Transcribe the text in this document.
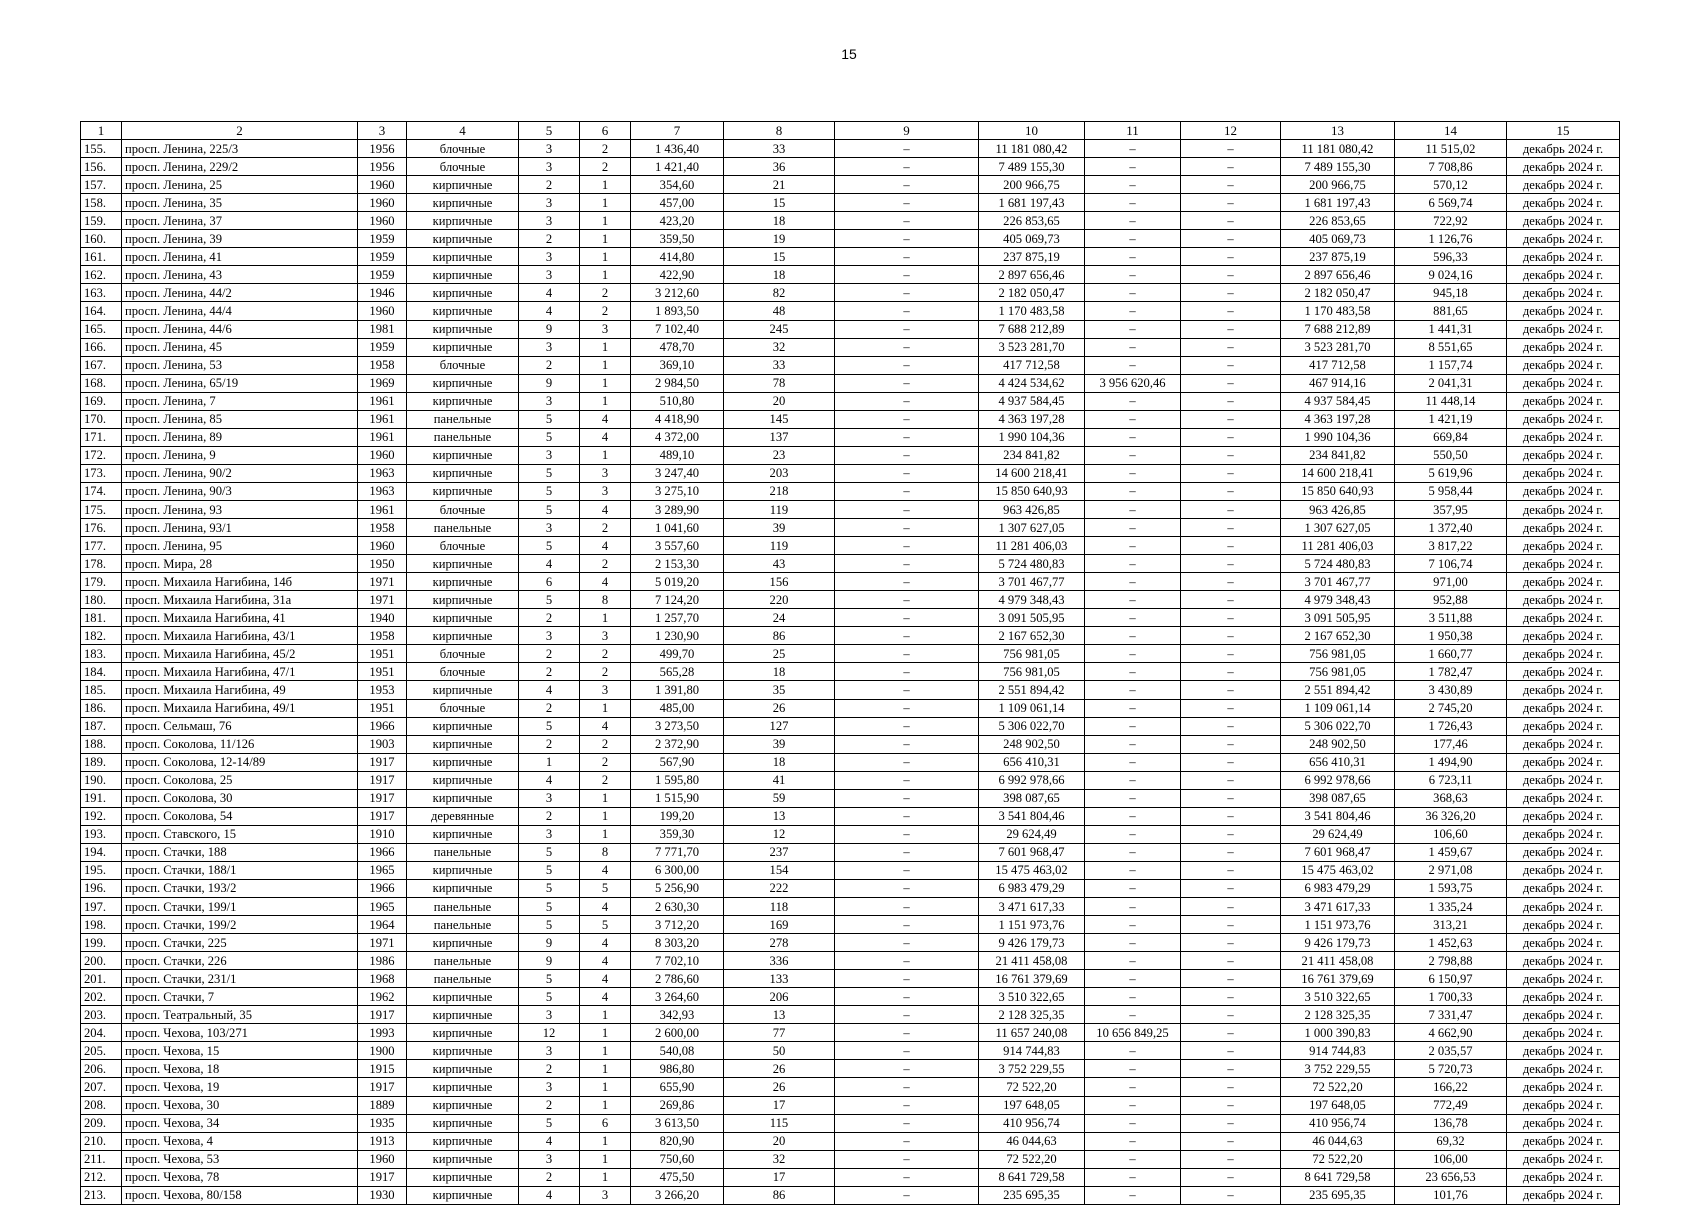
15
1	2	3	4	5	6	7	8	9	10	11	12	13	14	15
155.	просп. Ленина, 225/3	1956	блочные	3	2	1 436,40	33	–	11 181 080,42	–	–	11 181 080,42	11 515,02	декабрь 2024 г.
156.	просп. Ленина, 229/2	1956	блочные	3	2	1 421,40	36	–	7 489 155,30	–	–	7 489 155,30	7 708,86	декабрь 2024 г.
157.	просп. Ленина, 25	1960	кирпичные	2	1	354,60	21	–	200 966,75	–	–	200 966,75	570,12	декабрь 2024 г.
158.	просп. Ленина, 35	1960	кирпичные	3	1	457,00	15	–	1 681 197,43	–	–	1 681 197,43	6 569,74	декабрь 2024 г.
159.	просп. Ленина, 37	1960	кирпичные	3	1	423,20	18	–	226 853,65	–	–	226 853,65	722,92	декабрь 2024 г.
160.	просп. Ленина, 39	1959	кирпичные	2	1	359,50	19	–	405 069,73	–	–	405 069,73	1 126,76	декабрь 2024 г.
161.	просп. Ленина, 41	1959	кирпичные	3	1	414,80	15	–	237 875,19	–	–	237 875,19	596,33	декабрь 2024 г.
162.	просп. Ленина, 43	1959	кирпичные	3	1	422,90	18	–	2 897 656,46	–	–	2 897 656,46	9 024,16	декабрь 2024 г.
163.	просп. Ленина, 44/2	1946	кирпичные	4	2	3 212,60	82	–	2 182 050,47	–	–	2 182 050,47	945,18	декабрь 2024 г.
164.	просп. Ленина, 44/4	1960	кирпичные	4	2	1 893,50	48	–	1 170 483,58	–	–	1 170 483,58	881,65	декабрь 2024 г.
165.	просп. Ленина, 44/6	1981	кирпичные	9	3	7 102,40	245	–	7 688 212,89	–	–	7 688 212,89	1 441,31	декабрь 2024 г.
166.	просп. Ленина, 45	1959	кирпичные	3	1	478,70	32	–	3 523 281,70	–	–	3 523 281,70	8 551,65	декабрь 2024 г.
167.	просп. Ленина, 53	1958	блочные	2	1	369,10	33	–	417 712,58	–	–	417 712,58	1 157,74	декабрь 2024 г.
168.	просп. Ленина, 65/19	1969	кирпичные	9	1	2 984,50	78	–	4 424 534,62	3 956 620,46	–	467 914,16	2 041,31	декабрь 2024 г.
169.	просп. Ленина, 7	1961	кирпичные	3	1	510,80	20	–	4 937 584,45	–	–	4 937 584,45	11 448,14	декабрь 2024 г.
170.	просп. Ленина, 85	1961	панельные	5	4	4 418,90	145	–	4 363 197,28	–	–	4 363 197,28	1 421,19	декабрь 2024 г.
171.	просп. Ленина, 89	1961	панельные	5	4	4 372,00	137	–	1 990 104,36	–	–	1 990 104,36	669,84	декабрь 2024 г.
172.	просп. Ленина, 9	1960	кирпичные	3	1	489,10	23	–	234 841,82	–	–	234 841,82	550,50	декабрь 2024 г.
173.	просп. Ленина, 90/2	1963	кирпичные	5	3	3 247,40	203	–	14 600 218,41	–	–	14 600 218,41	5 619,96	декабрь 2024 г.
174.	просп. Ленина, 90/3	1963	кирпичные	5	3	3 275,10	218	–	15 850 640,93	–	–	15 850 640,93	5 958,44	декабрь 2024 г.
175.	просп. Ленина, 93	1961	блочные	5	4	3 289,90	119	–	963 426,85	–	–	963 426,85	357,95	декабрь 2024 г.
176.	просп. Ленина, 93/1	1958	панельные	3	2	1 041,60	39	–	1 307 627,05	–	–	1 307 627,05	1 372,40	декабрь 2024 г.
177.	просп. Ленина, 95	1960	блочные	5	4	3 557,60	119	–	11 281 406,03	–	–	11 281 406,03	3 817,22	декабрь 2024 г.
178.	просп. Мира, 28	1950	кирпичные	4	2	2 153,30	43	–	5 724 480,83	–	–	5 724 480,83	7 106,74	декабрь 2024 г.
179.	просп. Михаила Нагибина, 14б	1971	кирпичные	6	4	5 019,20	156	–	3 701 467,77	–	–	3 701 467,77	971,00	декабрь 2024 г.
180.	просп. Михаила Нагибина, 31а	1971	кирпичные	5	8	7 124,20	220	–	4 979 348,43	–	–	4 979 348,43	952,88	декабрь 2024 г.
181.	просп. Михаила Нагибина, 41	1940	кирпичные	2	1	1 257,70	24	–	3 091 505,95	–	–	3 091 505,95	3 511,88	декабрь 2024 г.
182.	просп. Михаила Нагибина, 43/1	1958	кирпичные	3	3	1 230,90	86	–	2 167 652,30	–	–	2 167 652,30	1 950,38	декабрь 2024 г.
183.	просп. Михаила Нагибина, 45/2	1951	блочные	2	2	499,70	25	–	756 981,05	–	–	756 981,05	1 660,77	декабрь 2024 г.
184.	просп. Михаила Нагибина, 47/1	1951	блочные	2	2	565,28	18	–	756 981,05	–	–	756 981,05	1 782,47	декабрь 2024 г.
185.	просп. Михаила Нагибина, 49	1953	кирпичные	4	3	1 391,80	35	–	2 551 894,42	–	–	2 551 894,42	3 430,89	декабрь 2024 г.
186.	просп. Михаила Нагибина, 49/1	1951	блочные	2	1	485,00	26	–	1 109 061,14	–	–	1 109 061,14	2 745,20	декабрь 2024 г.
187.	просп. Сельмаш, 76	1966	кирпичные	5	4	3 273,50	127	–	5 306 022,70	–	–	5 306 022,70	1 726,43	декабрь 2024 г.
188.	просп. Соколова, 11/126	1903	кирпичные	2	2	2 372,90	39	–	248 902,50	–	–	248 902,50	177,46	декабрь 2024 г.
189.	просп. Соколова, 12-14/89	1917	кирпичные	1	2	567,90	18	–	656 410,31	–	–	656 410,31	1 494,90	декабрь 2024 г.
190.	просп. Соколова, 25	1917	кирпичные	4	2	1 595,80	41	–	6 992 978,66	–	–	6 992 978,66	6 723,11	декабрь 2024 г.
191.	просп. Соколова, 30	1917	кирпичные	3	1	1 515,90	59	–	398 087,65	–	–	398 087,65	368,63	декабрь 2024 г.
192.	просп. Соколова, 54	1917	деревянные	2	1	199,20	13	–	3 541 804,46	–	–	3 541 804,46	36 326,20	декабрь 2024 г.
193.	просп. Ставского, 15	1910	кирпичные	3	1	359,30	12	–	29 624,49	–	–	29 624,49	106,60	декабрь 2024 г.
194.	просп. Стачки, 188	1966	панельные	5	8	7 771,70	237	–	7 601 968,47	–	–	7 601 968,47	1 459,67	декабрь 2024 г.
195.	просп. Стачки, 188/1	1965	кирпичные	5	4	6 300,00	154	–	15 475 463,02	–	–	15 475 463,02	2 971,08	декабрь 2024 г.
196.	просп. Стачки, 193/2	1966	кирпичные	5	5	5 256,90	222	–	6 983 479,29	–	–	6 983 479,29	1 593,75	декабрь 2024 г.
197.	просп. Стачки, 199/1	1965	панельные	5	4	2 630,30	118	–	3 471 617,33	–	–	3 471 617,33	1 335,24	декабрь 2024 г.
198.	просп. Стачки, 199/2	1964	панельные	5	5	3 712,20	169	–	1 151 973,76	–	–	1 151 973,76	313,21	декабрь 2024 г.
199.	просп. Стачки, 225	1971	кирпичные	9	4	8 303,20	278	–	9 426 179,73	–	–	9 426 179,73	1 452,63	декабрь 2024 г.
200.	просп. Стачки, 226	1986	панельные	9	4	7 702,10	336	–	21 411 458,08	–	–	21 411 458,08	2 798,88	декабрь 2024 г.
201.	просп. Стачки, 231/1	1968	панельные	5	4	2 786,60	133	–	16 761 379,69	–	–	16 761 379,69	6 150,97	декабрь 2024 г.
202.	просп. Стачки, 7	1962	кирпичные	5	4	3 264,60	206	–	3 510 322,65	–	–	3 510 322,65	1 700,33	декабрь 2024 г.
203.	просп. Театральный, 35	1917	кирпичные	3	1	342,93	13	–	2 128 325,35	–	–	2 128 325,35	7 331,47	декабрь 2024 г.
204.	просп. Чехова, 103/271	1993	кирпичные	12	1	2 600,00	77	–	11 657 240,08	10 656 849,25	–	1 000 390,83	4 662,90	декабрь 2024 г.
205.	просп. Чехова, 15	1900	кирпичные	3	1	540,08	50	–	914 744,83	–	–	914 744,83	2 035,57	декабрь 2024 г.
206.	просп. Чехова, 18	1915	кирпичные	2	1	986,80	26	–	3 752 229,55	–	–	3 752 229,55	5 720,73	декабрь 2024 г.
207.	просп. Чехова, 19	1917	кирпичные	3	1	655,90	26	–	72 522,20	–	–	72 522,20	166,22	декабрь 2024 г.
208.	просп. Чехова, 30	1889	кирпичные	2	1	269,86	17	–	197 648,05	–	–	197 648,05	772,49	декабрь 2024 г.
209.	просп. Чехова, 34	1935	кирпичные	5	6	3 613,50	115	–	410 956,74	–	–	410 956,74	136,78	декабрь 2024 г.
210.	просп. Чехова, 4	1913	кирпичные	4	1	820,90	20	–	46 044,63	–	–	46 044,63	69,32	декабрь 2024 г.
211.	просп. Чехова, 53	1960	кирпичные	3	1	750,60	32	–	72 522,20	–	–	72 522,20	106,00	декабрь 2024 г.
212.	просп. Чехова, 78	1917	кирпичные	2	1	475,50	17	–	8 641 729,58	–	–	8 641 729,58	23 656,53	декабрь 2024 г.
213.	просп. Чехова, 80/158	1930	кирпичные	4	3	3 266,20	86	–	235 695,35	–	–	235 695,35	101,76	декабрь 2024 г.
